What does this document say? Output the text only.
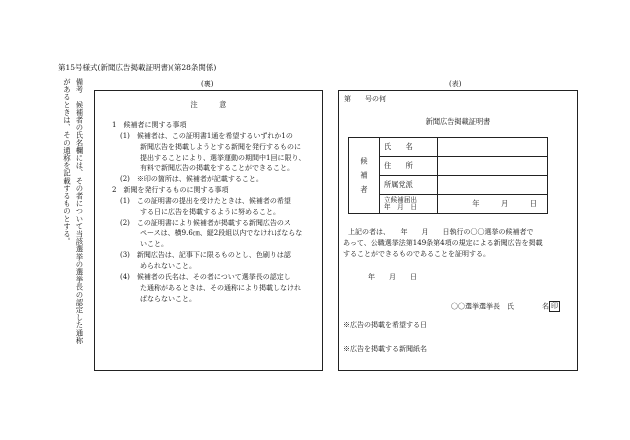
第15号様式(新聞広告掲載証明書)(第28条関係)
備考　候補者の氏名欄には、その者について当該選挙の選挙長の認定した通称
があるときは、その通称を記載するものとする。	(裏)	(表)
注　　　意

1　候補者に関する事項

(1)　候補者は、この証明書1通を希望するいずれか1の

新聞広告を掲載しようとする新聞を発行するものに

提出することにより、選挙運動の期間中1回に限り、

有料で新聞広告の掲載をすることができること。

(2)　※印の箇所は、候補者が記載すること。

2　新聞を発行するものに関する事項

(1)　この証明書の提出を受けたときは、候補者の希望

する日に広告を掲載するように努めること。

(2)　この証明書により候補者が掲載する新聞広告のス

ペースは、横9.6㎝、縦2段組以内でなければならな

いこと。

(3)　新聞広告は、記事下に限るものとし、色刷りは認

められないこと。

(4)　候補者の氏名は、その者について選挙長の認定し

た通称があるときは、その通称により掲載しなけれ

ばならないこと。

第　　号の何
新聞広告掲載証明書
候　補　者	氏　　名	
	住　　所	
	所属党派	
	立候補届出
年　月　日	年　　　月　　　日
上記の者は、　　年　　月　　日執行の〇〇選挙の候補者で
あって、公職選挙法第149条第4項の規定による新聞広告を掲載
することができるものであることを証明する。
年　　月　　日
〇〇選挙選挙長　氏　　　　名 印
※広告の掲載を希望する日
※広告を掲載する新聞紙名
